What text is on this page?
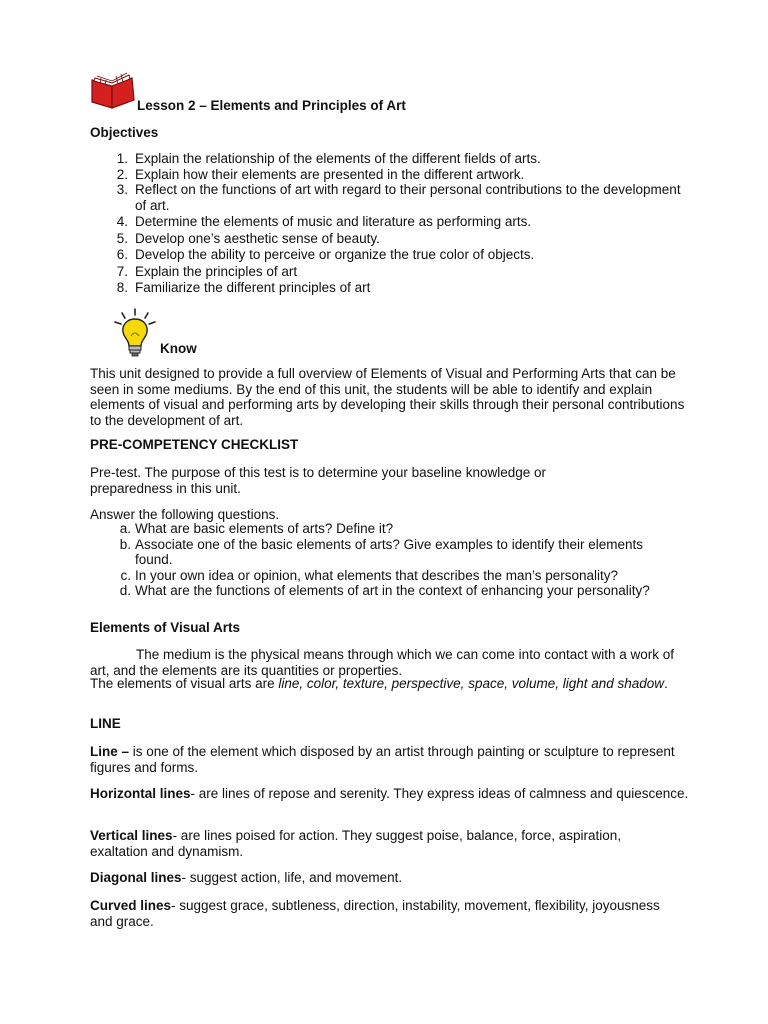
Lesson 2 – Elements and Principles of Art
Objectives
1. Explain the relationship of the elements of the different fields of arts.
2. Explain how their elements are presented in the different artwork.
3. Reflect on the functions of art with regard to their personal contributions to the development of art.
4. Determine the elements of music and literature as performing arts.
5. Develop one’s aesthetic sense of beauty.
6. Develop the ability to perceive or organize the true color of objects.
7. Explain the principles of art
8. Familiarize the different principles of art
Know
This unit designed to provide a full overview of Elements of Visual and Performing Arts that can be seen in some mediums. By the end of this unit, the students will be able to identify and explain elements of visual and performing arts by developing their skills through their personal contributions to the development of art.
PRE-COMPETENCY CHECKLIST
Pre-test. The purpose of this test is to determine your baseline knowledge or preparedness in this unit.
Answer the following questions.
a. What are basic elements of arts? Define it?
b. Associate one of the basic elements of arts? Give examples to identify their elements found.
c. In your own idea or opinion, what elements that describes the man’s personality?
d. What are the functions of elements of art in the context of enhancing your personality?
Elements of Visual Arts
The medium is the physical means through which we can come into contact with a work of art, and the elements are its quantities or properties.
The elements of visual arts are line, color, texture, perspective, space, volume, light and shadow.
LINE
Line – is one of the element which disposed by an artist through painting or sculpture to represent figures and forms.
Horizontal lines- are lines of repose and serenity. They express ideas of calmness and quiescence.
Vertical lines- are lines poised for action. They suggest poise, balance, force, aspiration, exaltation and dynamism.
Diagonal lines- suggest action, life, and movement.
Curved lines- suggest grace, subtleness, direction, instability, movement, flexibility, joyousness and grace.
